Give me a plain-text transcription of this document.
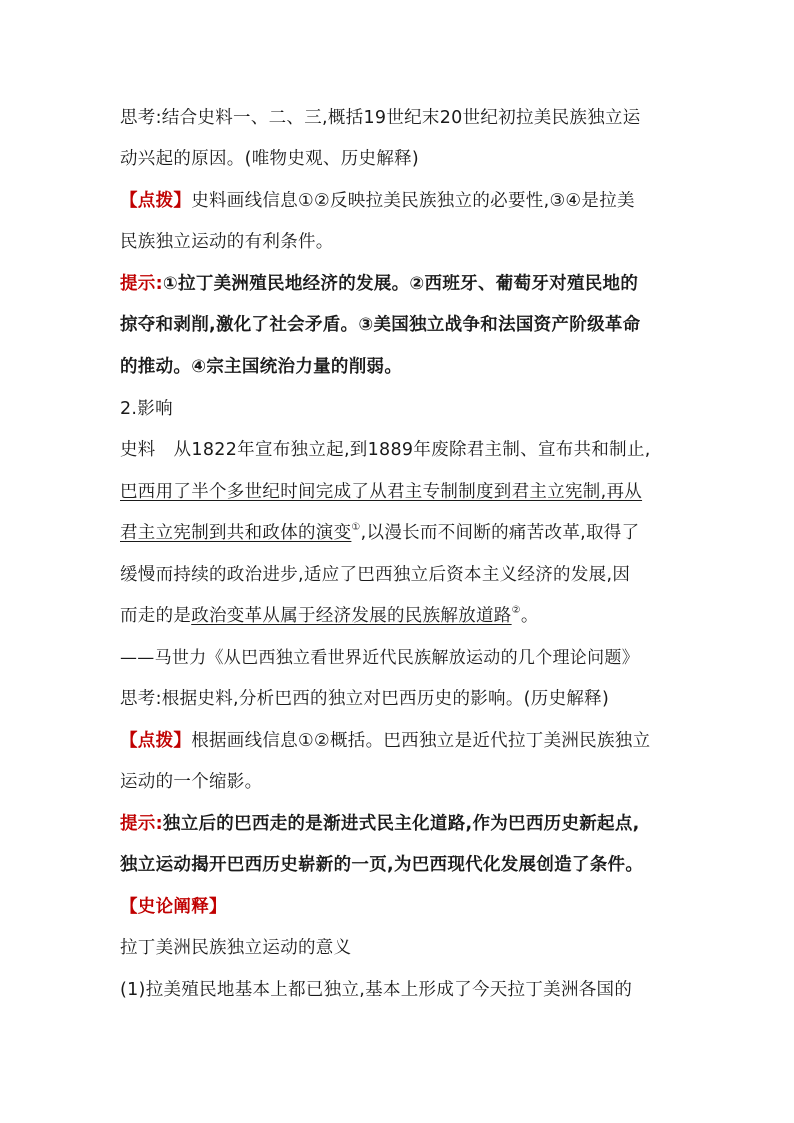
思考:结合史料一、二、三,概括19世纪末20世纪初拉美民族独立运
动兴起的原因。(唯物史观、历史解释)
【点拨】史料画线信息①②反映拉美民族独立的必要性,③④是拉美
民族独立运动的有利条件。
提示:①拉丁美洲殖民地经济的发展。②西班牙、葡萄牙对殖民地的
掠夺和剥削,激化了社会矛盾。③美国独立战争和法国资产阶级革命
的推动。④宗主国统治力量的削弱。
2.影响
史料 从1822年宣布独立起,到1889年废除君主制、宣布共和制止,
巴西用了半个多世纪时间完成了从君主专制制度到君主立宪制,再从
君主立宪制到共和政体的演变①,以漫长而不间断的痛苦改革,取得了
缓慢而持续的政治进步,适应了巴西独立后资本主义经济的发展,因
而走的是政治变革从属于经济发展的民族解放道路②。
——马世力《从巴西独立看世界近代民族解放运动的几个理论问题》
思考:根据史料,分析巴西的独立对巴西历史的影响。(历史解释)
【点拨】根据画线信息①②概括。巴西独立是近代拉丁美洲民族独立
运动的一个缩影。
提示:独立后的巴西走的是渐进式民主化道路,作为巴西历史新起点,
独立运动揭开巴西历史崭新的一页,为巴西现代化发展创造了条件。
【史论阐释】
拉丁美洲民族独立运动的意义
(1)拉美殖民地基本上都已独立,基本上形成了今天拉丁美洲各国的
